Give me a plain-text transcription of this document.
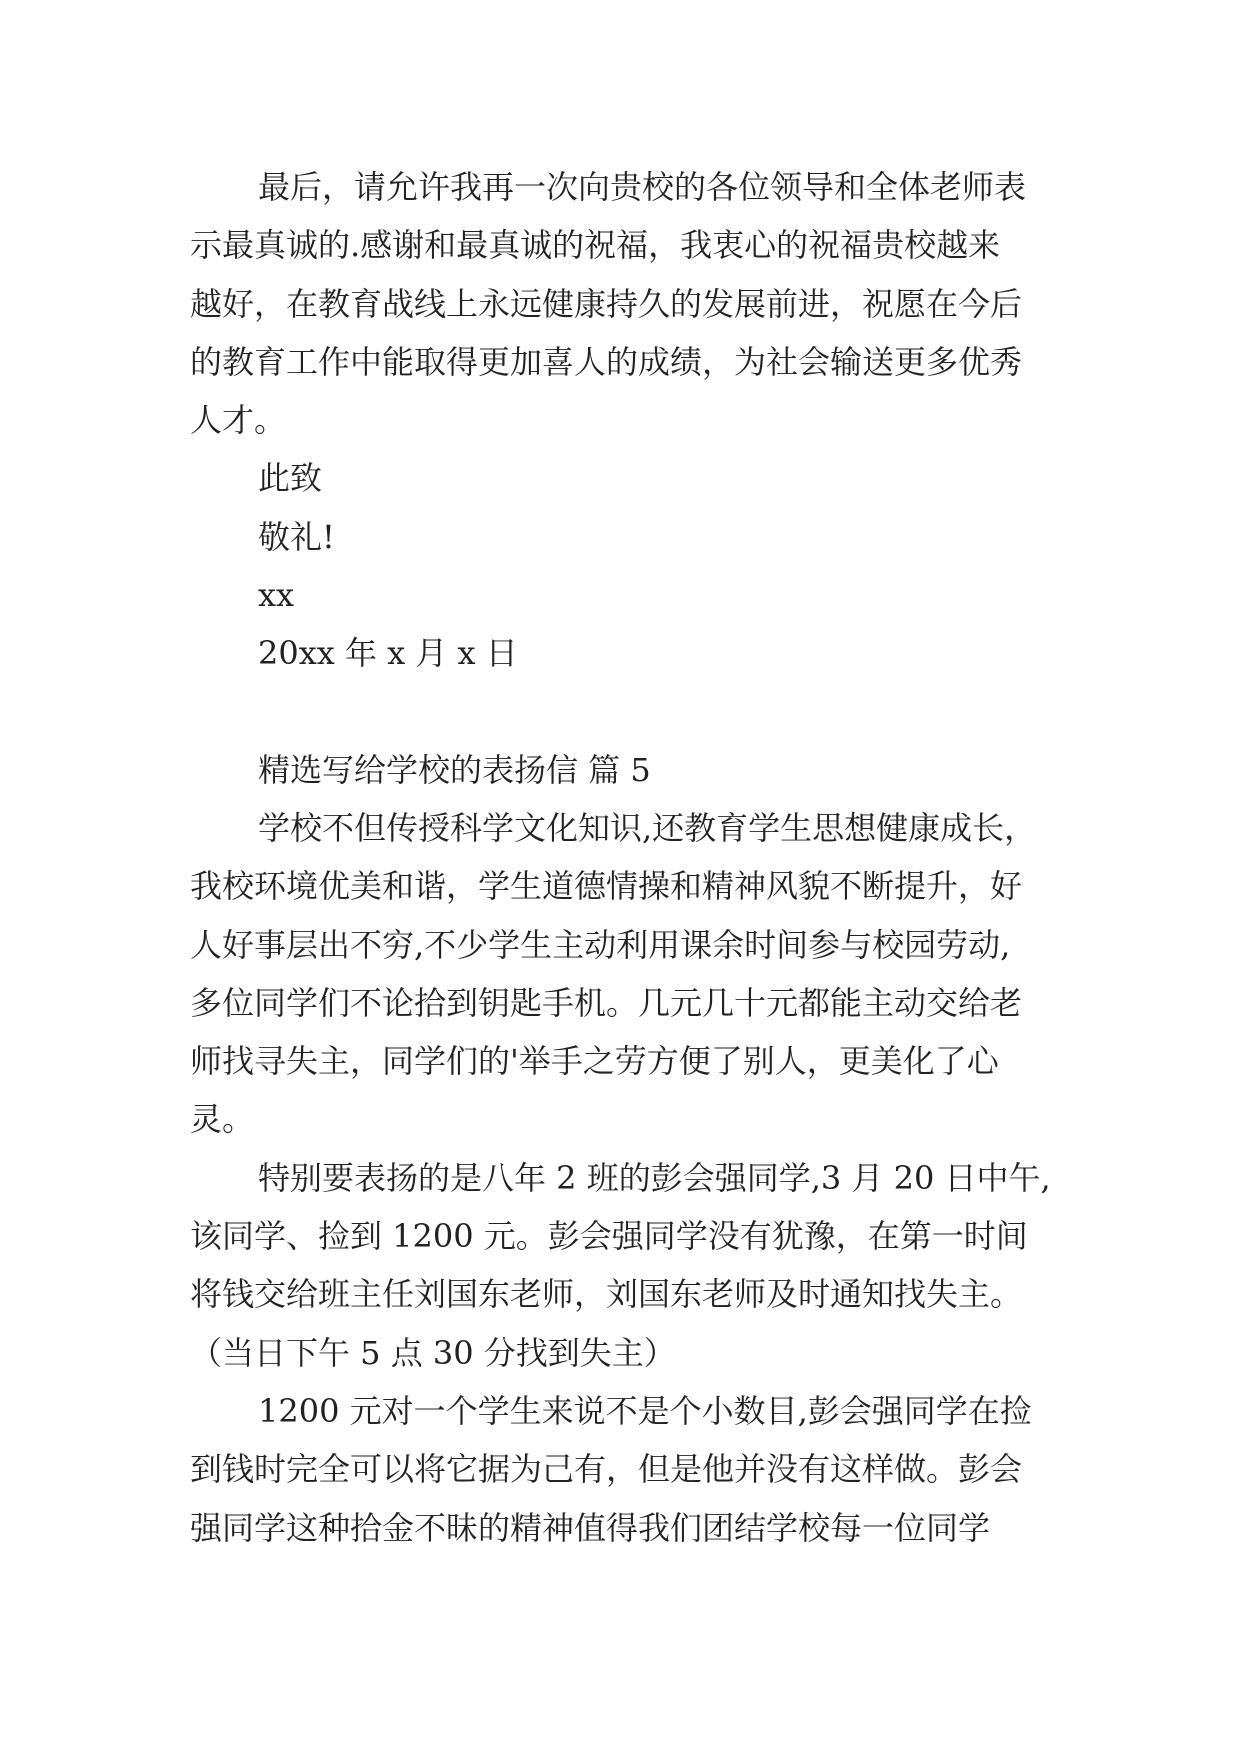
最后，请允许我再一次向贵校的各位领导和全体老师表
示最真诚的.感谢和最真诚的祝福，我衷心的祝福贵校越来
越好，在教育战线上永远健康持久的发展前进，祝愿在今后
的教育工作中能取得更加喜人的成绩，为社会输送更多优秀
人才。
此致
敬礼!
xx
20xx 年 x 月 x 日
精选写给学校的表扬信 篇 5
学校不但传授科学文化知识,还教育学生思想健康成长，
我校环境优美和谐，学生道德情操和精神风貌不断提升，好
人好事层出不穷,不少学生主动利用课余时间参与校园劳动,
多位同学们不论拾到钥匙手机。几元几十元都能主动交给老
师找寻失主，同学们的'举手之劳方便了别人，更美化了心
灵。
特别要表扬的是八年 2 班的彭会强同学,3 月 20 日中午,
该同学、捡到 1200 元。彭会强同学没有犹豫，在第一时间
将钱交给班主任刘国东老师，刘国东老师及时通知找失主。
（当日下午 5 点 30 分找到失主）
1200 元对一个学生来说不是个小数目,彭会强同学在捡
到钱时完全可以将它据为己有，但是他并没有这样做。彭会
强同学这种拾金不昧的精神值得我们团结学校每一位同学
